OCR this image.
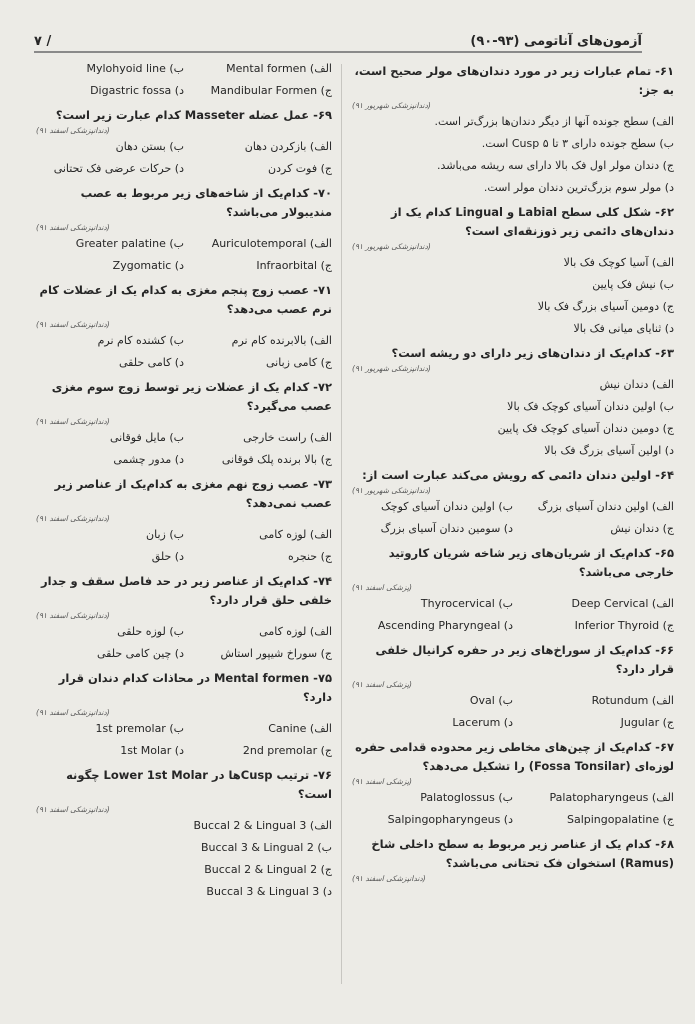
آزمون‌های آناتومی (۹۳-۹۰)
/ ۷
۶۱- تمام عبارات زیر در مورد دندان‌های مولر صحیح است، به جز:
(دندانپزشکی شهریور ۹۱)
الف) سطح جونده آنها از دیگر دندان‌ها بزرگ‌تر است.
ب) سطح جونده دارای ۳ تا ۵ Cusp است.
ج) دندان مولر اول فک بالا دارای سه ریشه می‌باشد.
د) مولر سوم بزرگ‌ترین دندان مولر است.
۶۲- شکل کلی سطح Labial و Lingual کدام یک از دندان‌های دائمی زیر ذوزنقه‌ای است؟
(دندانپزشکی شهریور ۹۱)
الف) آسیا کوچک فک بالا
ب) نیش فک پایین
ج) دومین آسیای بزرگ فک بالا
د) ثنایای میانی فک بالا
۶۳- کدام‌یک از دندان‌های زیر دارای دو ریشه است؟
(دندانپزشکی شهریور ۹۱)
الف) دندان نیش
ب) اولین دندان آسیای کوچک فک بالا
ج) دومین دندان آسیای کوچک فک پایین
د) اولین آسیای بزرگ فک بالا
۶۴- اولین دندان دائمی که رویش می‌کند عبارت است از:
(دندانپزشکی شهریور ۹۱)
الف) اولین دندان آسیای بزرگ
ب) اولین دندان آسیای کوچک
ج) دندان نیش
د) سومین دندان آسیای بزرگ
۶۵- کدام‌یک از شریان‌های زیر شاخه شریان کاروتید خارجی می‌باشد؟
(پزشکی اسفند ۹۱)
الف) Deep Cervical
ب) Thyrocervical
ج) Inferior Thyroid
د) Ascending Pharyngeal
۶۶- کدام‌یک از سوراخ‌های زیر در حفره کرانیال خلفی قرار دارد؟
(پزشکی اسفند ۹۱)
الف) Rotundum
ب) Oval
ج) Jugular
د) Lacerum
۶۷- کدام‌یک از چین‌های مخاطی زیر محدوده قدامی حفره لوزه‌ای (Fossa Tonsilar) را تشکیل می‌دهد؟
(پزشکی اسفند ۹۱)
الف) Palatopharyngeus
ب) Palatoglossus
ج) Salpingopalatine
د) Salpingopharyngeus
۶۸- کدام یک از عناصر زیر مربوط به سطح داخلی شاخ (Ramus) استخوان فک تحتانی می‌باشد؟
(دندانپزشکی اسفند ۹۱)
الف) Mental formen
ب) Mylohyoid line
ج) Mandibular Formen
د) Digastric fossa
۶۹- عمل عضله Masseter کدام عبارت زیر است؟
(دندانپزشکی اسفند ۹۱)
الف) بازکردن دهان
ب) بستن دهان
ج) فوت کردن
د) حرکات عرضی فک تحتانی
۷۰- کدام‌یک از شاخه‌های زیر مربوط به عصب مندیبولار می‌باشد؟
(دندانپزشکی اسفند ۹۱)
الف) Auriculotemporal
ب) Greater palatine
ج) Infraorbital
د) Zygomatic
۷۱- عصب زوج پنجم مغزی به کدام یک از عضلات کام نرم عصب می‌دهد؟
(دندانپزشکی اسفند ۹۱)
الف) بالابرنده کام نرم
ب) کشنده کام نرم
ج) کامی زبانی
د) کامی حلقی
۷۲- کدام یک از عضلات زیر توسط زوج سوم مغزی عصب می‌گیرد؟
(دندانپزشکی اسفند ۹۱)
الف) راست خارجی
ب) مایل فوقانی
ج) بالا برنده پلک فوقانی
د) مدور چشمی
۷۳- عصب زوج نهم مغزی به کدام‌یک از عناصر زیر عصب نمی‌دهد؟
(دندانپزشکی اسفند ۹۱)
الف) لوزه کامی
ب) زبان
ج) حنجره
د) حلق
۷۴- کدام‌یک از عناصر زیر در حد فاصل سقف و جدار خلفی حلق قرار دارد؟
(دندانپزشکی اسفند ۹۱)
الف) لوزه کامی
ب) لوزه حلقی
ج) سوراخ شیپور استاش
د) چین کامی حلقی
۷۵- Mental formen در محاذات کدام دندان قرار دارد؟
(دندانپزشکی اسفند ۹۱)
الف) Canine
ب) 1st premolar
ج) 2nd premolar
د) 1st Molar
۷۶- ترتیب Cuspها در Lower 1st Molar چگونه است؟
(دندانپزشکی اسفند ۹۱)
الف) Buccal 2 & Lingual 3
ب) Buccal 3 & Lingual 2
ج) Buccal 2 & Lingual 2
د) Buccal 3 & Lingual 3
